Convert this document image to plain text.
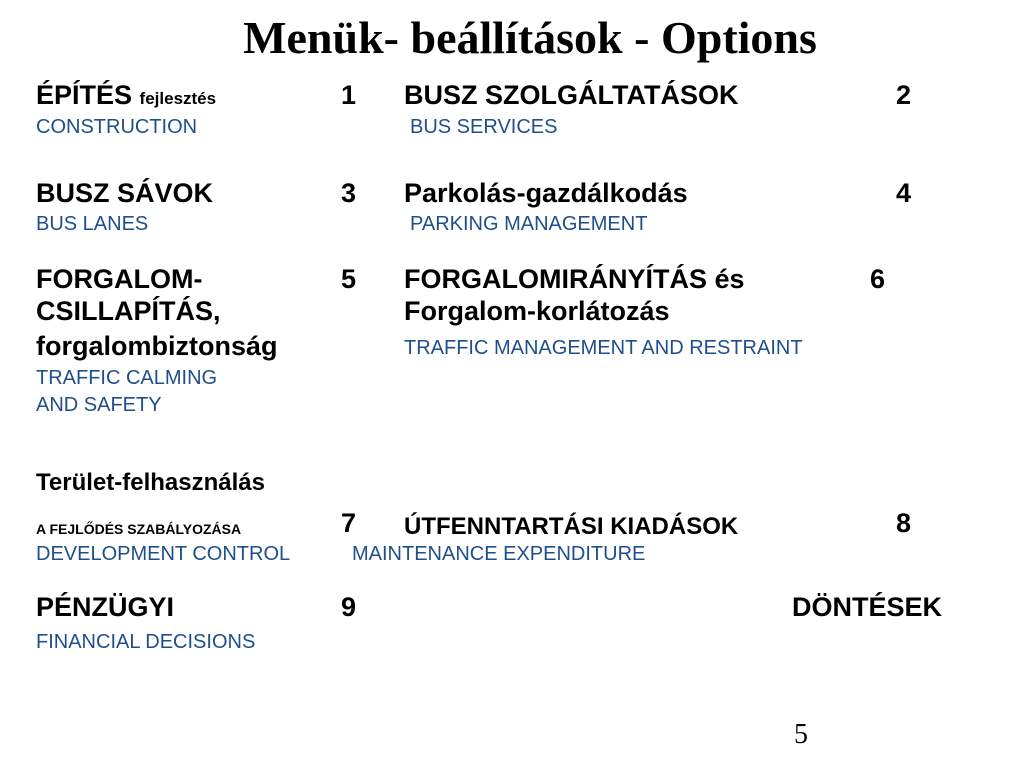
Menük- beállítások - Options
ÉPÍTÉS fejlesztés	1
CONSTRUCTION
BUSZ SZOLGÁLTATÁSOK	2
BUS SERVICES
BUSZ SÁVOK	3
BUS LANES
Parkolás-gazdálkodás	4
PARKING MANAGEMENT
FORGALOM-
CSILLAPÍTÁS,
forgalombiztonság
5
TRAFFIC CALMING
AND SAFETY
FORGALOMIRÁNYÍTÁS és
Forgalom-korlátozás
6
TRAFFIC MANAGEMENT AND RESTRAINT
Terület-felhasználás
A FEJLŐDÉS SZABÁLYOZÁSA	7
DEVELOPMENT CONTROL
ÚTFENNTARTÁSI KIADÁSOK	8
MAINTENANCE EXPENDITURE
PÉNZÜGYI	9	DÖNTÉSEK
FINANCIAL DECISIONS
5
